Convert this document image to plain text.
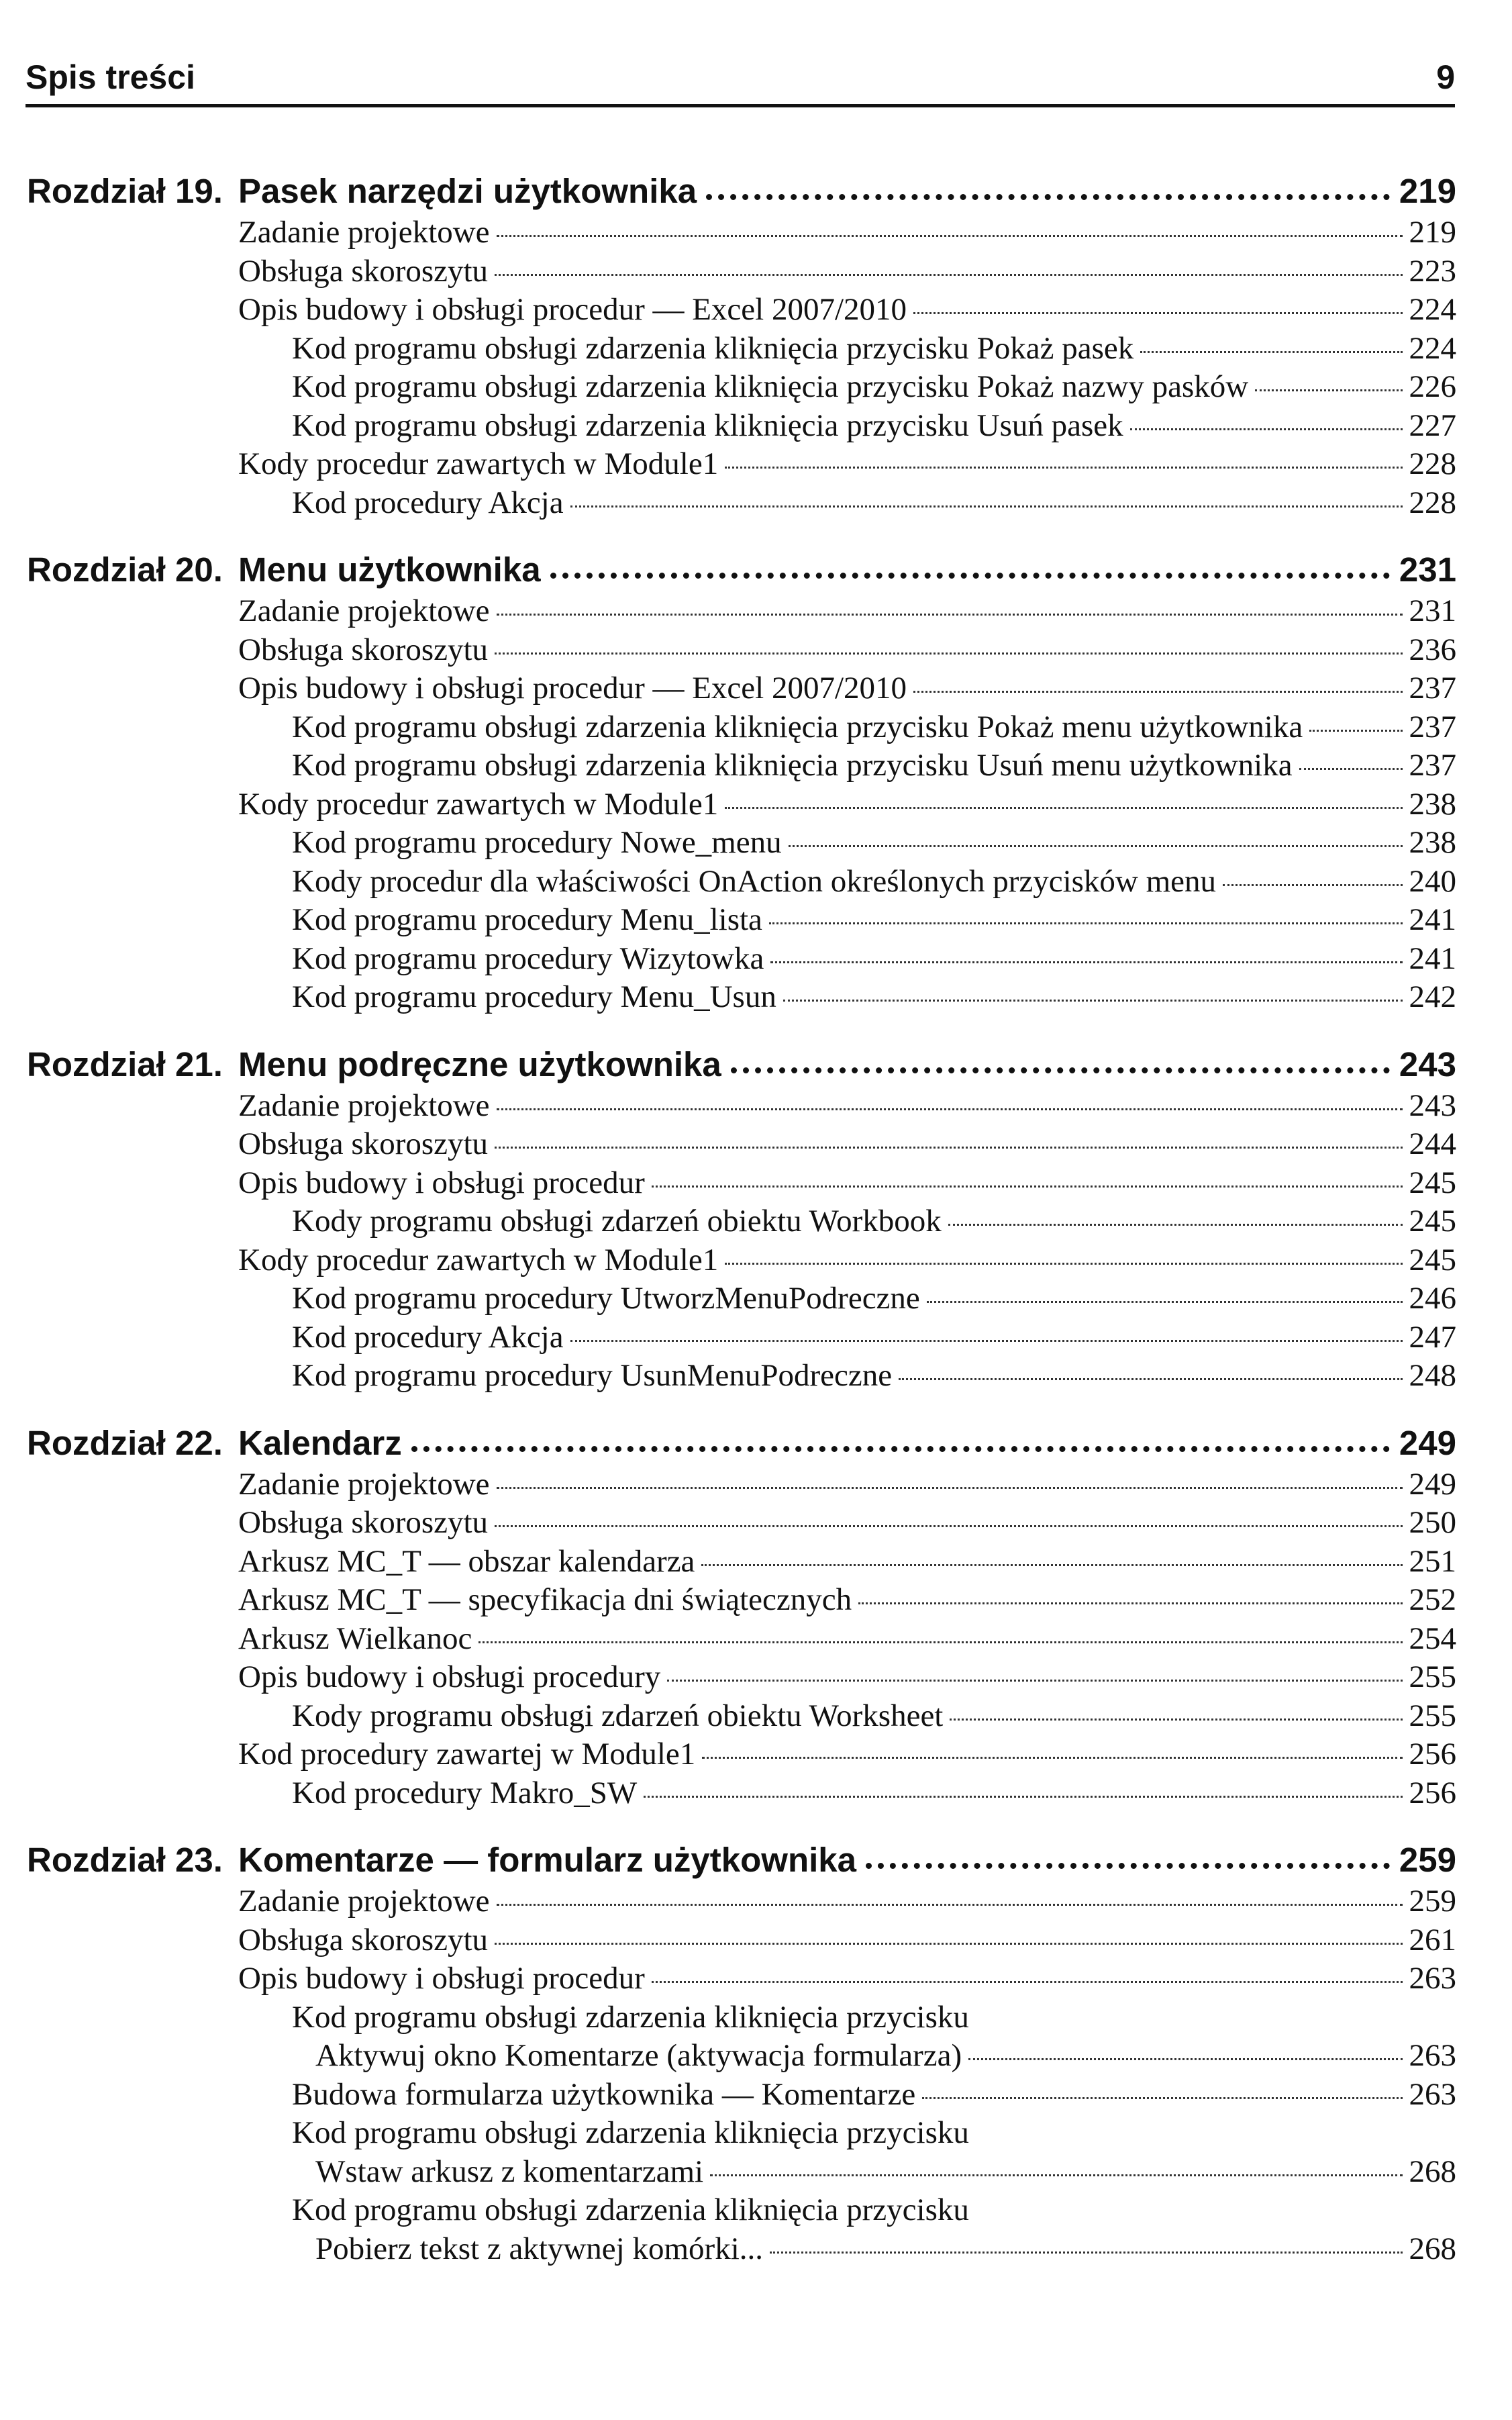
Spis treści	9
Rozdział 19. Pasek narzędzi użytkownika	219
Zadanie projektowe	219
Obsługa skoroszytu	223
Opis budowy i obsługi procedur — Excel 2007/2010	224
Kod programu obsługi zdarzenia kliknięcia przycisku Pokaż pasek	224
Kod programu obsługi zdarzenia kliknięcia przycisku Pokaż nazwy pasków	226
Kod programu obsługi zdarzenia kliknięcia przycisku Usuń pasek	227
Kody procedur zawartych w Module1	228
Kod procedury Akcja	228
Rozdział 20. Menu użytkownika	231
Zadanie projektowe	231
Obsługa skoroszytu	236
Opis budowy i obsługi procedur — Excel 2007/2010	237
Kod programu obsługi zdarzenia kliknięcia przycisku Pokaż menu użytkownika	237
Kod programu obsługi zdarzenia kliknięcia przycisku Usuń menu użytkownika	237
Kody procedur zawartych w Module1	238
Kod programu procedury Nowe_menu	238
Kody procedur dla właściwości OnAction określonych przycisków menu	240
Kod programu procedury Menu_lista	241
Kod programu procedury Wizytowka	241
Kod programu procedury Menu_Usun	242
Rozdział 21. Menu podręczne użytkownika	243
Zadanie projektowe	243
Obsługa skoroszytu	244
Opis budowy i obsługi procedur	245
Kody programu obsługi zdarzeń obiektu Workbook	245
Kody procedur zawartych w Module1	245
Kod programu procedury UtworzMenuPodreczne	246
Kod procedury Akcja	247
Kod programu procedury UsunMenuPodreczne	248
Rozdział 22. Kalendarz	249
Zadanie projektowe	249
Obsługa skoroszytu	250
Arkusz MC_T — obszar kalendarza	251
Arkusz MC_T — specyfikacja dni świątecznych	252
Arkusz Wielkanoc	254
Opis budowy i obsługi procedury	255
Kody programu obsługi zdarzeń obiektu Worksheet	255
Kod procedury zawartej w Module1	256
Kod procedury Makro_SW	256
Rozdział 23. Komentarze — formularz użytkownika	259
Zadanie projektowe	259
Obsługa skoroszytu	261
Opis budowy i obsługi procedur	263
Kod programu obsługi zdarzenia kliknięcia przycisku
Aktywuj okno Komentarze (aktywacja formularza)	263
Budowa formularza użytkownika — Komentarze	263
Kod programu obsługi zdarzenia kliknięcia przycisku
Wstaw arkusz z komentarzami	268
Kod programu obsługi zdarzenia kliknięcia przycisku
Pobierz tekst z aktywnej komórki...	268
